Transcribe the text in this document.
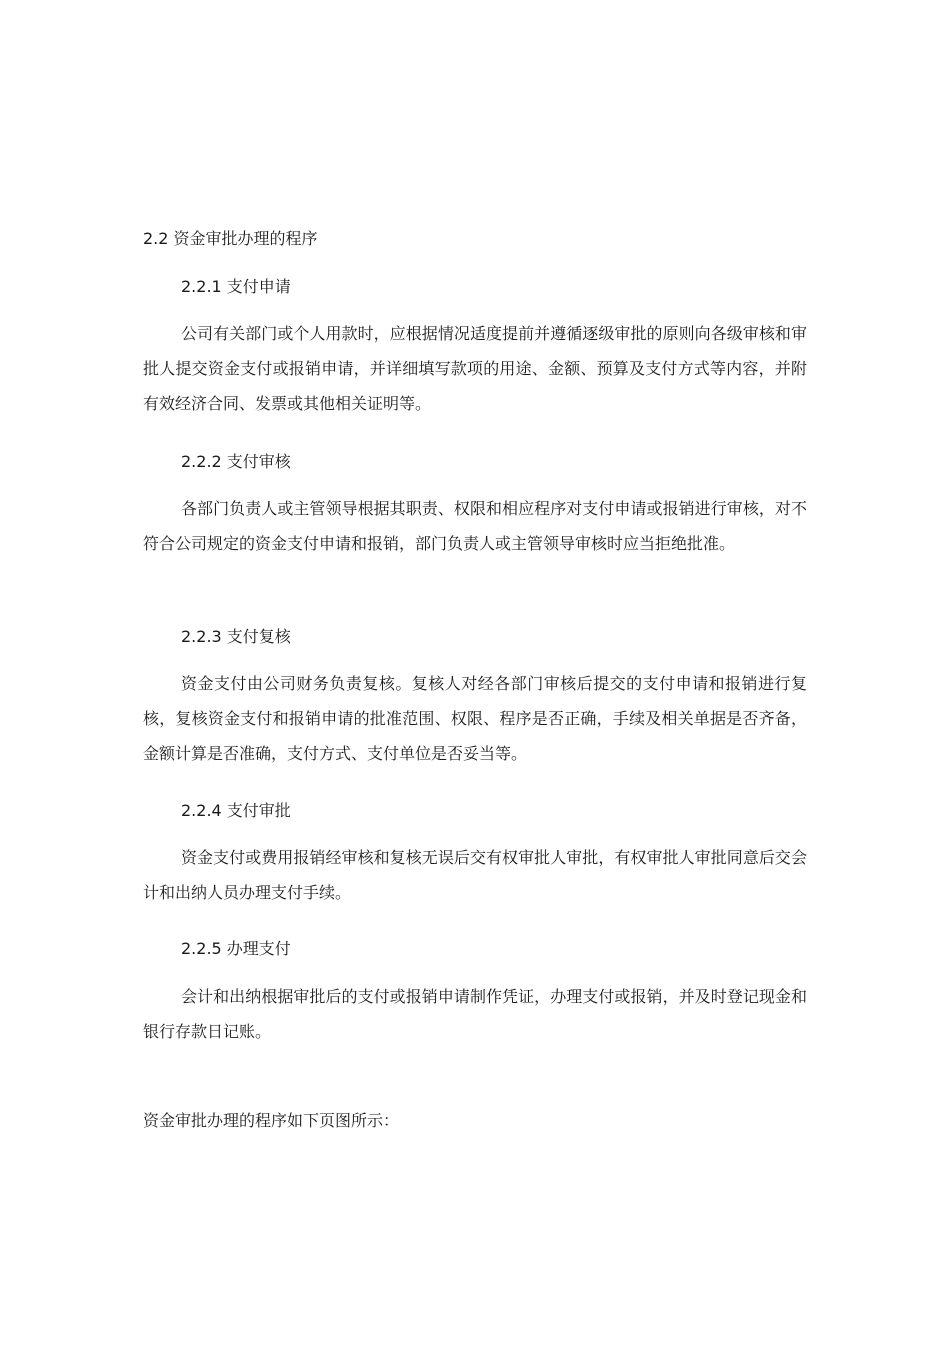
2.2 资金审批办理的程序
2.2.1 支付申请

公司有关部门或个人用款时，应根据情况适度提前并遵循逐级审批的原则向各级审核和审批人提交资金支付或报销申请，并详细填写款项的用途、金额、预算及支付方式等内容，并附有效经济合同、发票或其他相关证明等。

2.2.2 支付审核

各部门负责人或主管领导根据其职责、权限和相应程序对支付申请或报销进行审核，对不符合公司规定的资金支付申请和报销，部门负责人或主管领导审核时应当拒绝批准。

2.2.3 支付复核

资金支付由公司财务负责复核。复核人对经各部门审核后提交的支付申请和报销进行复核，复核资金支付和报销申请的批准范围、权限、程序是否正确，手续及相关单据是否齐备，金额计算是否准确，支付方式、支付单位是否妥当等。

2.2.4 支付审批

资金支付或费用报销经审核和复核无误后交有权审批人审批，有权审批人审批同意后交会计和出纳人员办理支付手续。

2.2.5 办理支付

会计和出纳根据审批后的支付或报销申请制作凭证，办理支付或报销，并及时登记现金和银行存款日记账。

资金审批办理的程序如下页图所示：
